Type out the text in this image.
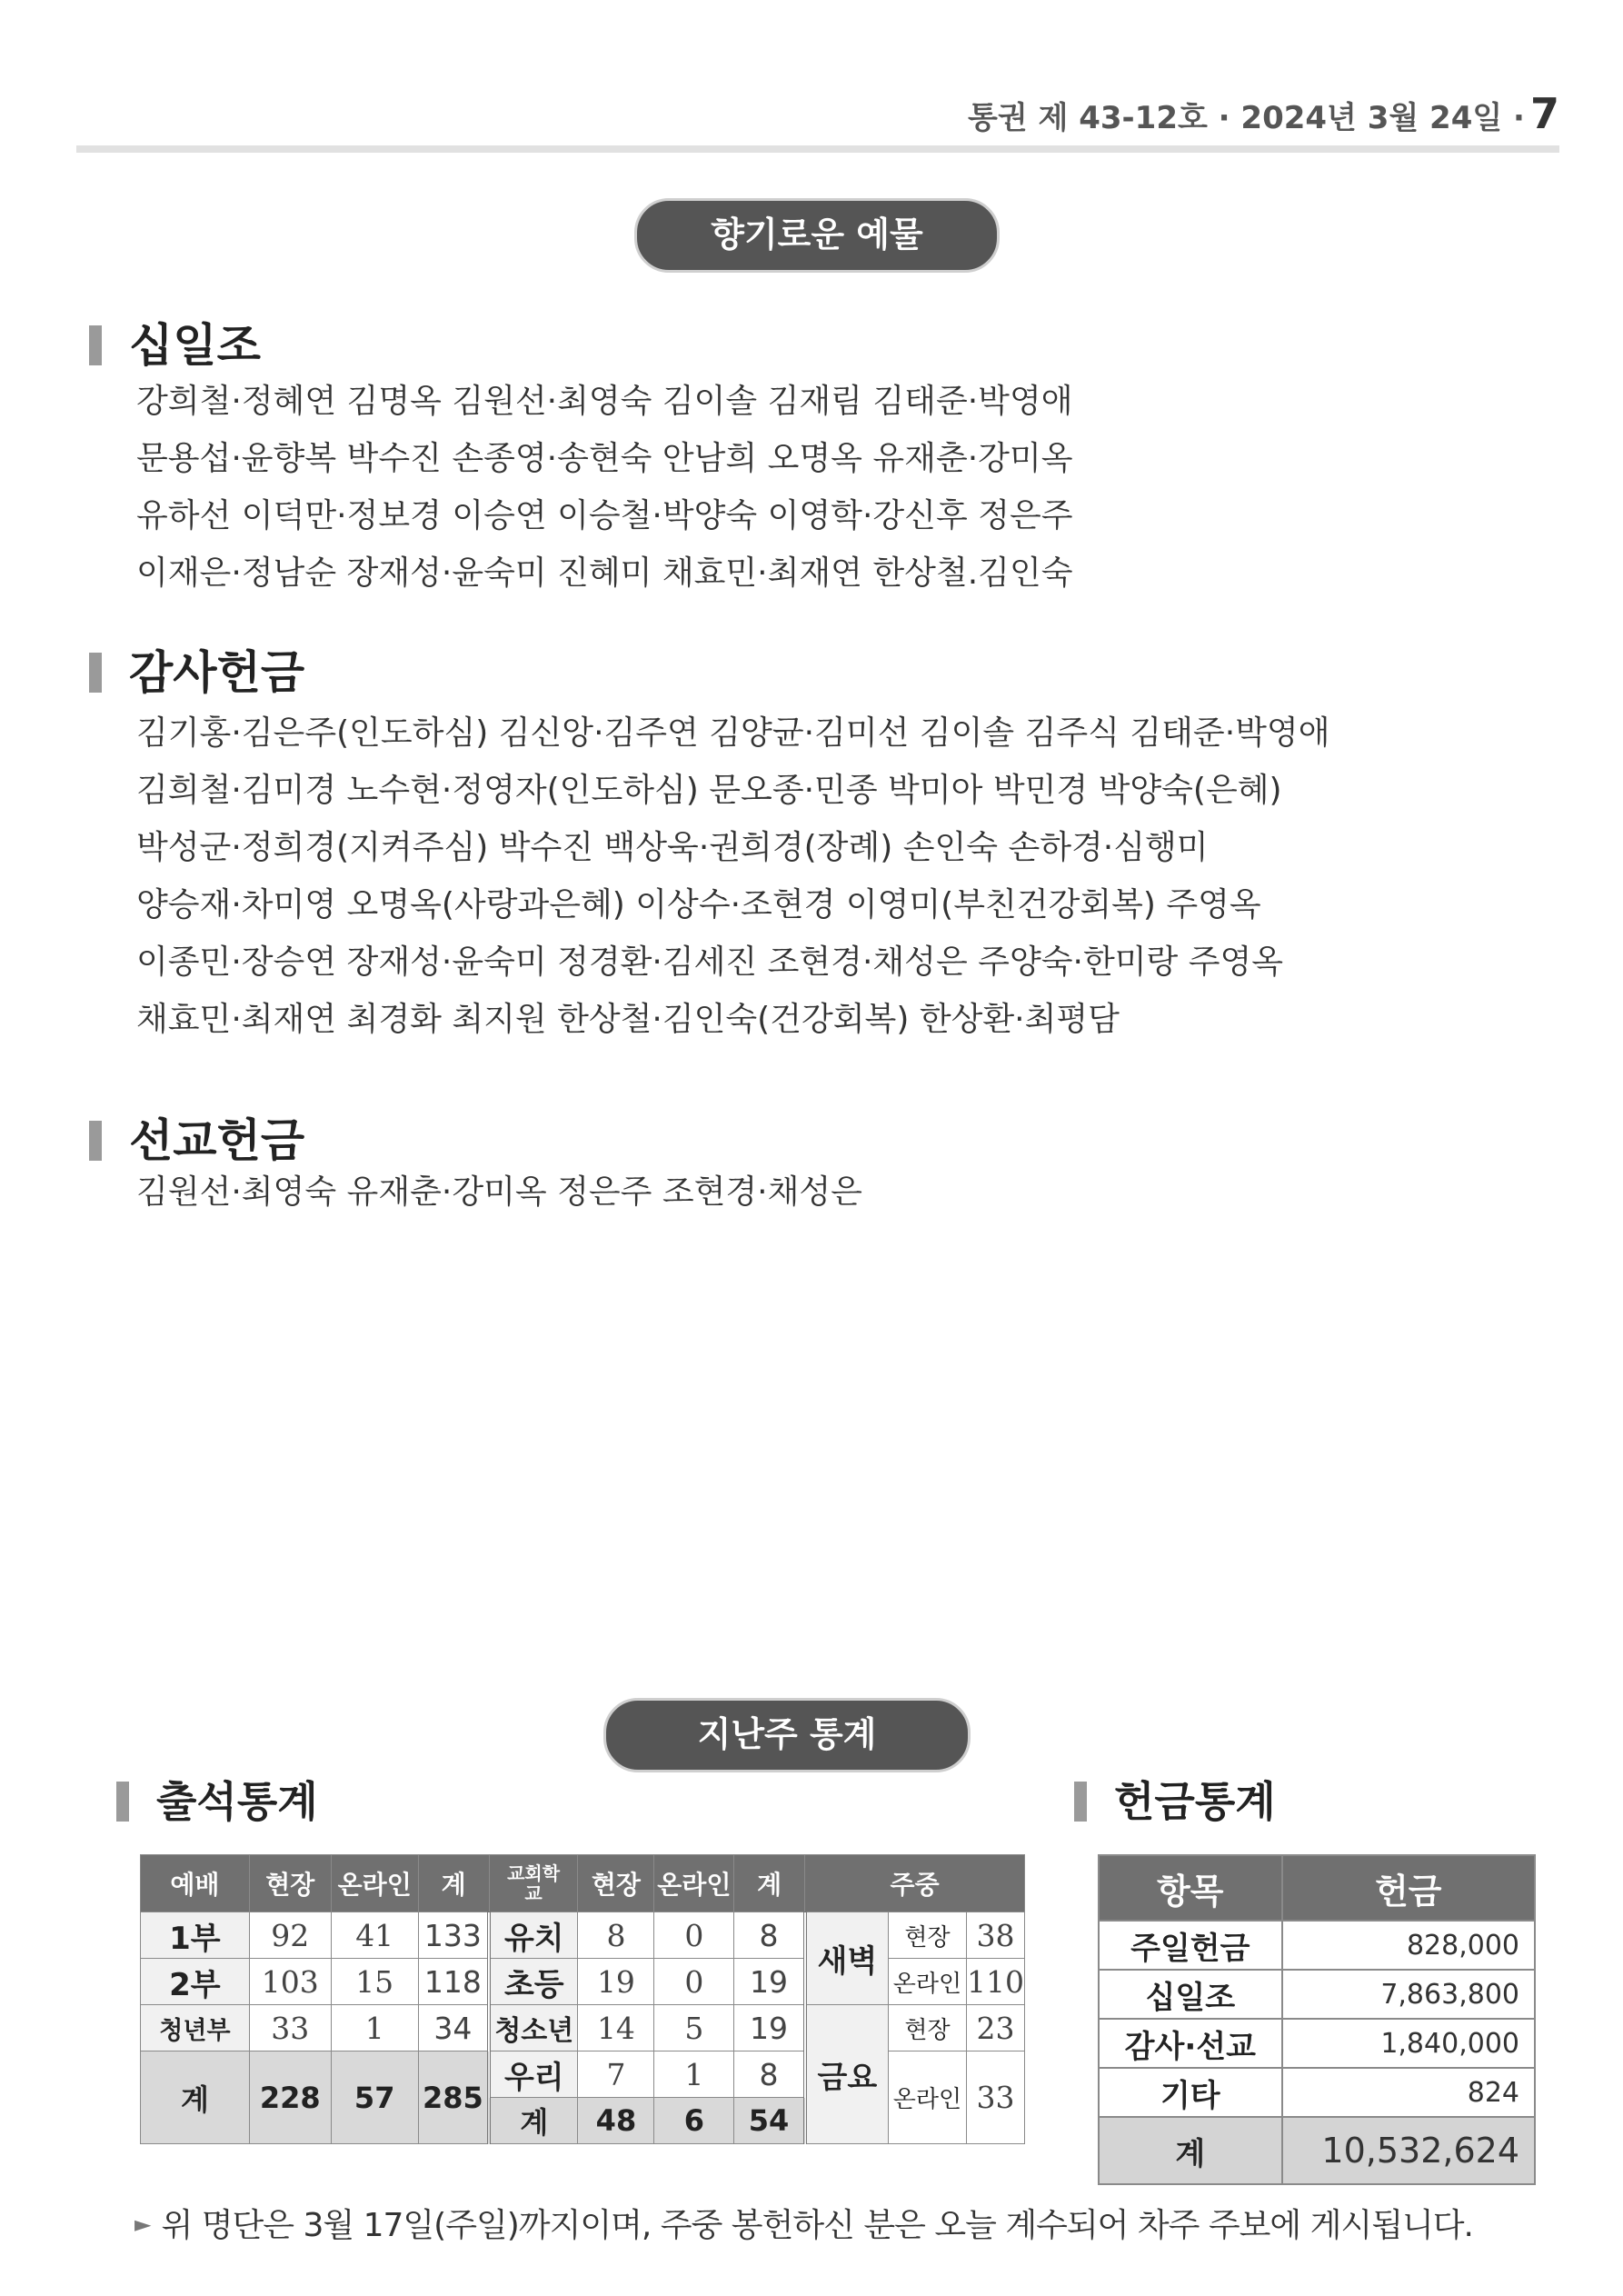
통권 제 43-12호 · 2024년 3월 24일 · 7
향기로운 예물
십일조
강희철·정혜연 김명옥 김원선·최영숙 김이솔 김재림 김태준·박영애
문용섭·윤향복 박수진 손종영·송현숙 안남희 오명옥 유재춘·강미옥
유하선 이덕만·정보경 이승연 이승철·박양숙 이영학·강신후 정은주
이재은·정남순 장재성·윤숙미 진혜미 채효민·최재연 한상철.김인숙
감사헌금
김기홍·김은주(인도하심) 김신앙·김주연 김양균·김미선 김이솔 김주식 김태준·박영애
김희철·김미경 노수현·정영자(인도하심) 문오종·민종 박미아 박민경 박양숙(은혜)
박성군·정희경(지켜주심) 박수진 백상욱·권희경(장례) 손인숙 손하경·심행미
양승재·차미영 오명옥(사랑과은혜) 이상수·조현경 이영미(부친건강회복) 주영옥
이종민·장승연 장재성·윤숙미 정경환·김세진 조현경·채성은 주양숙·한미랑 주영옥
채효민·최재연 최경화 최지원 한상철·김인숙(건강회복) 한상환·최평담
선교헌금
김원선·최영숙 유재춘·강미옥 정은주 조현경·채성은
지난주 통계
출석통계	헌금통계
예배	현장	온라인	계	교회학교	현장	온라인	계	주중		
1부	92	41	133	유치	8	0	8	새벽	현장	38
2부	103	15	118	초등	19	0	19		온라인	110
청년부	33	1	34	청소년	14	5	19	금요	현장	23
계	228	57	285	우리	7	1	8		온라인	33
				계	48	6	54			
항목	헌금
주일헌금	828,000
십일조	7,863,800
감사·선교	1,840,000
기타	824
계	10,532,624
► 위 명단은 3월 17일(주일)까지이며, 주중 봉헌하신 분은 오늘 계수되어 차주 주보에 게시됩니다.
